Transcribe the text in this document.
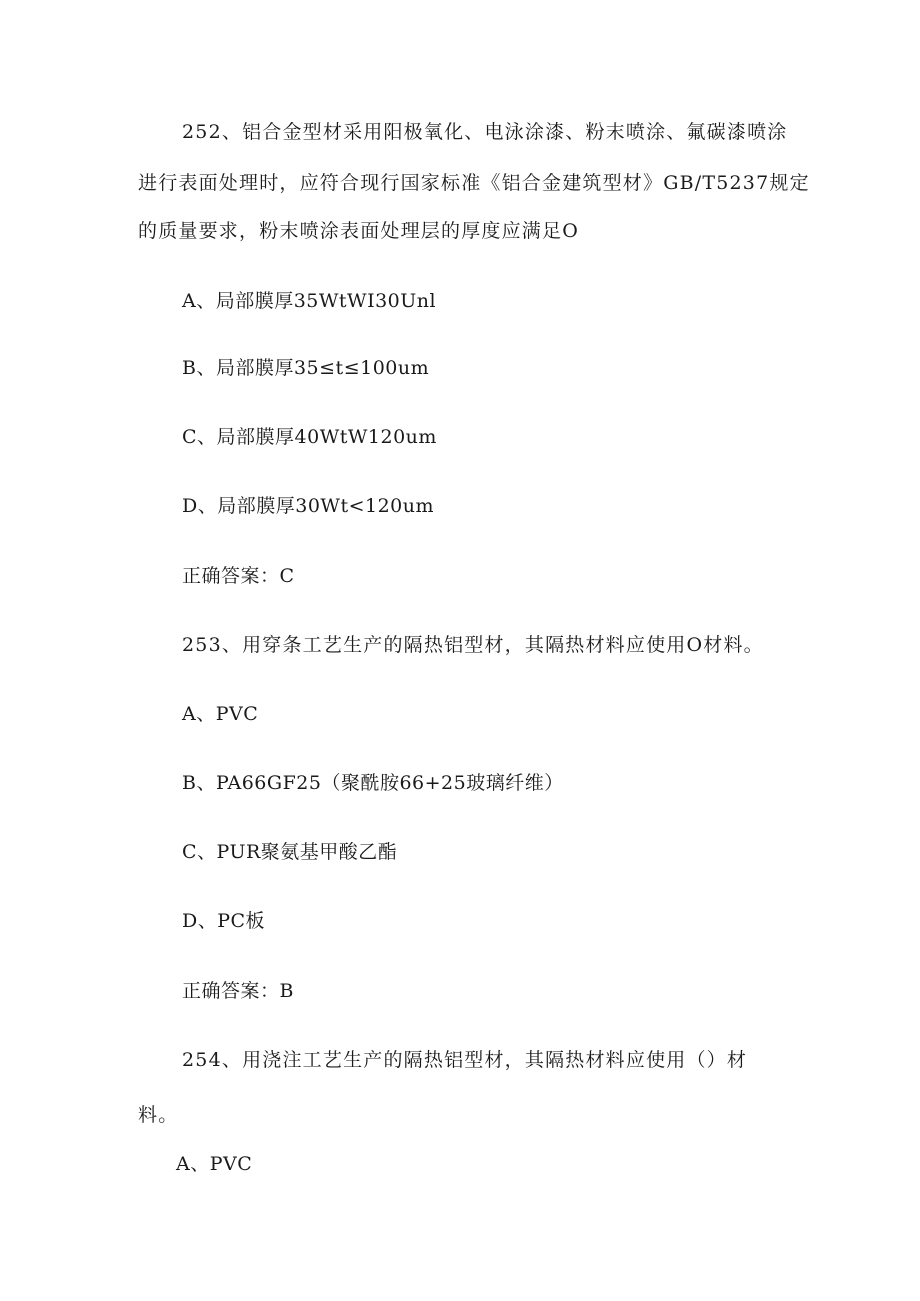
252、铝合金型材采用阳极氧化、电泳涂漆、粉末喷涂、氟碳漆喷涂
进行表面处理时，应符合现行国家标准《铝合金建筑型材》GB/T5237规定
的质量要求，粉末喷涂表面处理层的厚度应满足O
A、局部膜厚35WtWI30Unl
B、局部膜厚35≤t≤100um
C、局部膜厚40WtW120um
D、局部膜厚30Wt<120um
正确答案：C
253、用穿条工艺生产的隔热铝型材，其隔热材料应使用O材料。
A、PVC
B、PA66GF25（聚酰胺66+25玻璃纤维）
C、PUR聚氨基甲酸乙酯
D、PC板
正确答案：B
254、用浇注工艺生产的隔热铝型材，其隔热材料应使用（）材
料。
A、PVC
